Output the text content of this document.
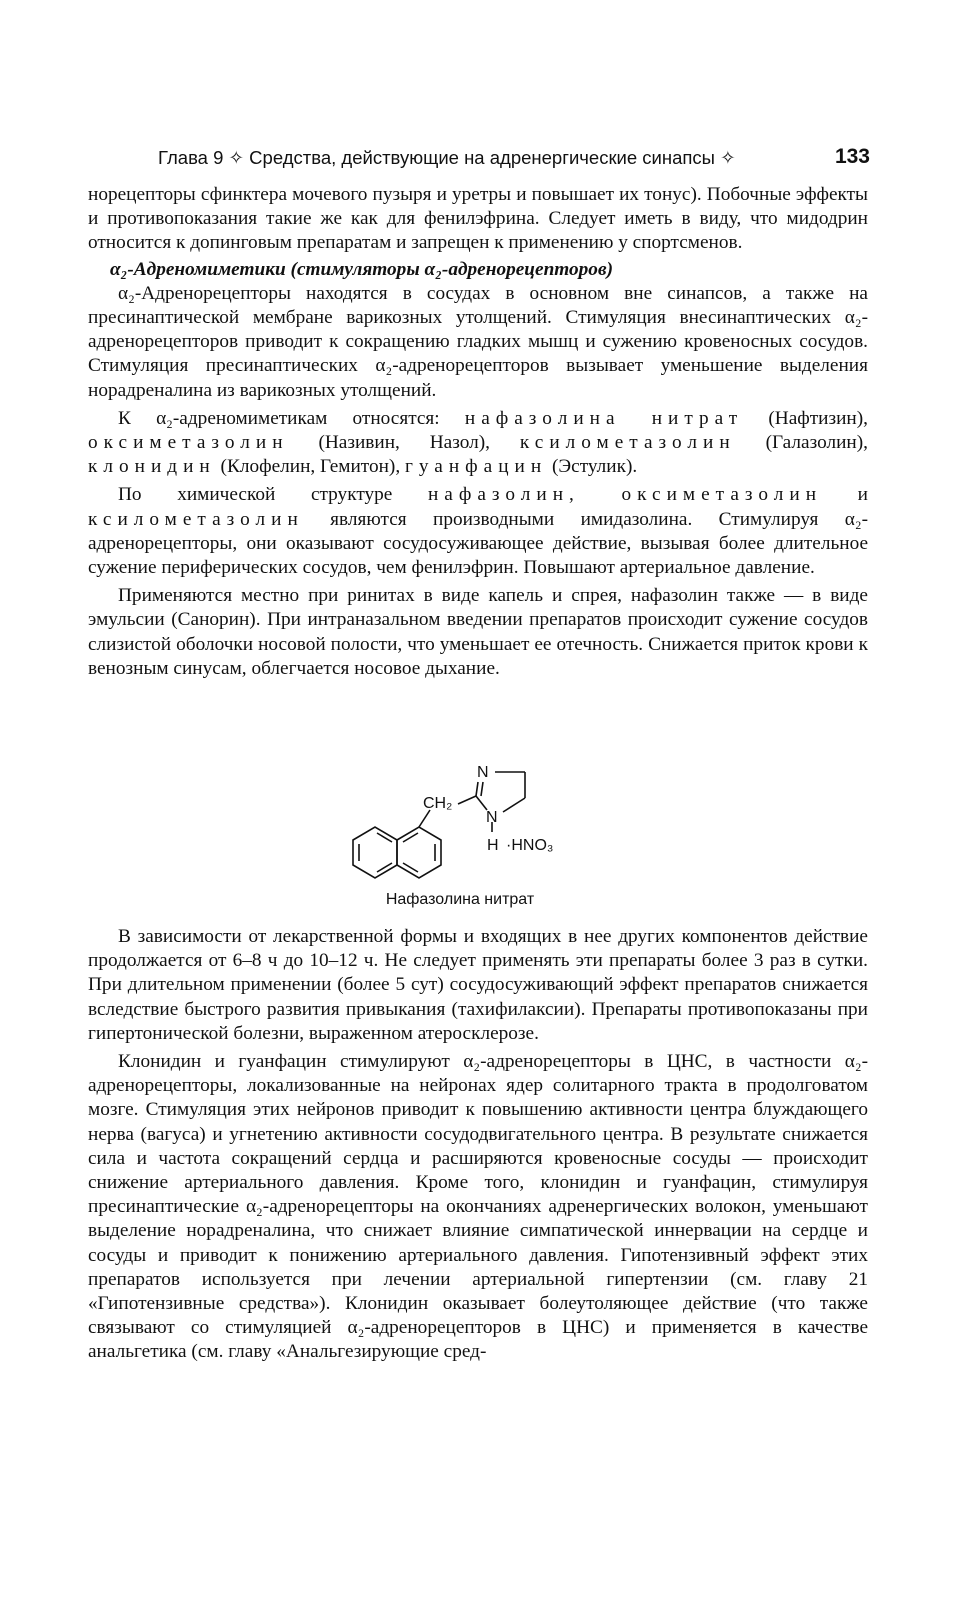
Глава 9 ✧ Средства, действующие на адренергические синапсы ✧	133

норецепторы сфинктера мочевого пузыря и уретры и повышает их тонус). Побочные эффекты и противопоказания такие же как для фенилэфрина. Следует иметь в виду, что мидодрин относится к допинговым препаратам и запрещен к применению у спортсменов.

α₂-Адреномиметики (стимуляторы α₂-адренорецепторов)

α₂-Адренорецепторы находятся в сосудах в основном вне синапсов, а также на пресинаптической мембране варикозных утолщений. Стимуляция внесинаптических α₂-адренорецепторов приводит к сокращению гладких мышц и сужению кровеносных сосудов. Стимуляция пресинаптических α₂-адренорецепторов вызывает уменьшение выделения норадреналина из варикозных утолщений.

К α₂-адреномиметикам относятся: нафазолина нитрат (Нафтизин), оксиметазолин (Називин, Назол), ксилометазолин (Галазолин), клонидин (Клофелин, Гемитон), гуанфацин (Эстулик).

По химической структуре нафазолин, оксиметазолин и ксилометазолин являются производными имидазолина. Стимулируя α₂-адренорецепторы, они оказывают сосудосуживающее действие, вызывая более длительное сужение периферических сосудов, чем фенилэфрин. Повышают артериальное давление.

Применяются местно при ринитах в виде капель и спрея, нафазолин также — в виде эмульсии (Санорин). При интраназальном введении препаратов происходит сужение сосудов слизистой оболочки носовой полости, что уменьшает ее отечность. Снижается приток крови к венозным синусам, облегчается носовое дыхание.

N
CH₂
N
H ·HNO₃
Нафазолина нитрат

В зависимости от лекарственной формы и входящих в нее других компонентов действие продолжается от 6–8 ч до 10–12 ч. Не следует применять эти препараты более 3 раз в сутки. При длительном применении (более 5 сут) сосудосуживающий эффект препаратов снижается вследствие быстрого развития привыкания (тахифилаксии). Препараты противопоказаны при гипертонической болезни, выраженном атеросклерозе.

Клонидин и гуанфацин стимулируют α₂-адренорецепторы в ЦНС, в частности α₂-адренорецепторы, локализованные на нейронах ядер солитарного тракта в продолговатом мозге. Стимуляция этих нейронов приводит к повышению активности центра блуждающего нерва (вагуса) и угнетению активности сосудодвигательного центра. В результате снижается сила и частота сокращений сердца и расширяются кровеносные сосуды — происходит снижение артериального давления. Кроме того, клонидин и гуанфацин, стимулируя пресинаптические α₂-адренорецепторы на окончаниях адренергических волокон, уменьшают выделение норадреналина, что снижает влияние симпатической иннервации на сердце и сосуды и приводит к понижению артериального давления. Гипотензивный эффект этих препаратов используется при лечении артериальной гипертензии (см. главу 21 «Гипотензивные средства»). Клонидин оказывает болеутоляющее действие (что также связывают со стимуляцией α₂-адренорецепторов в ЦНС) и применяется в качестве анальгетика (см. главу «Анальгезирующие сред-
